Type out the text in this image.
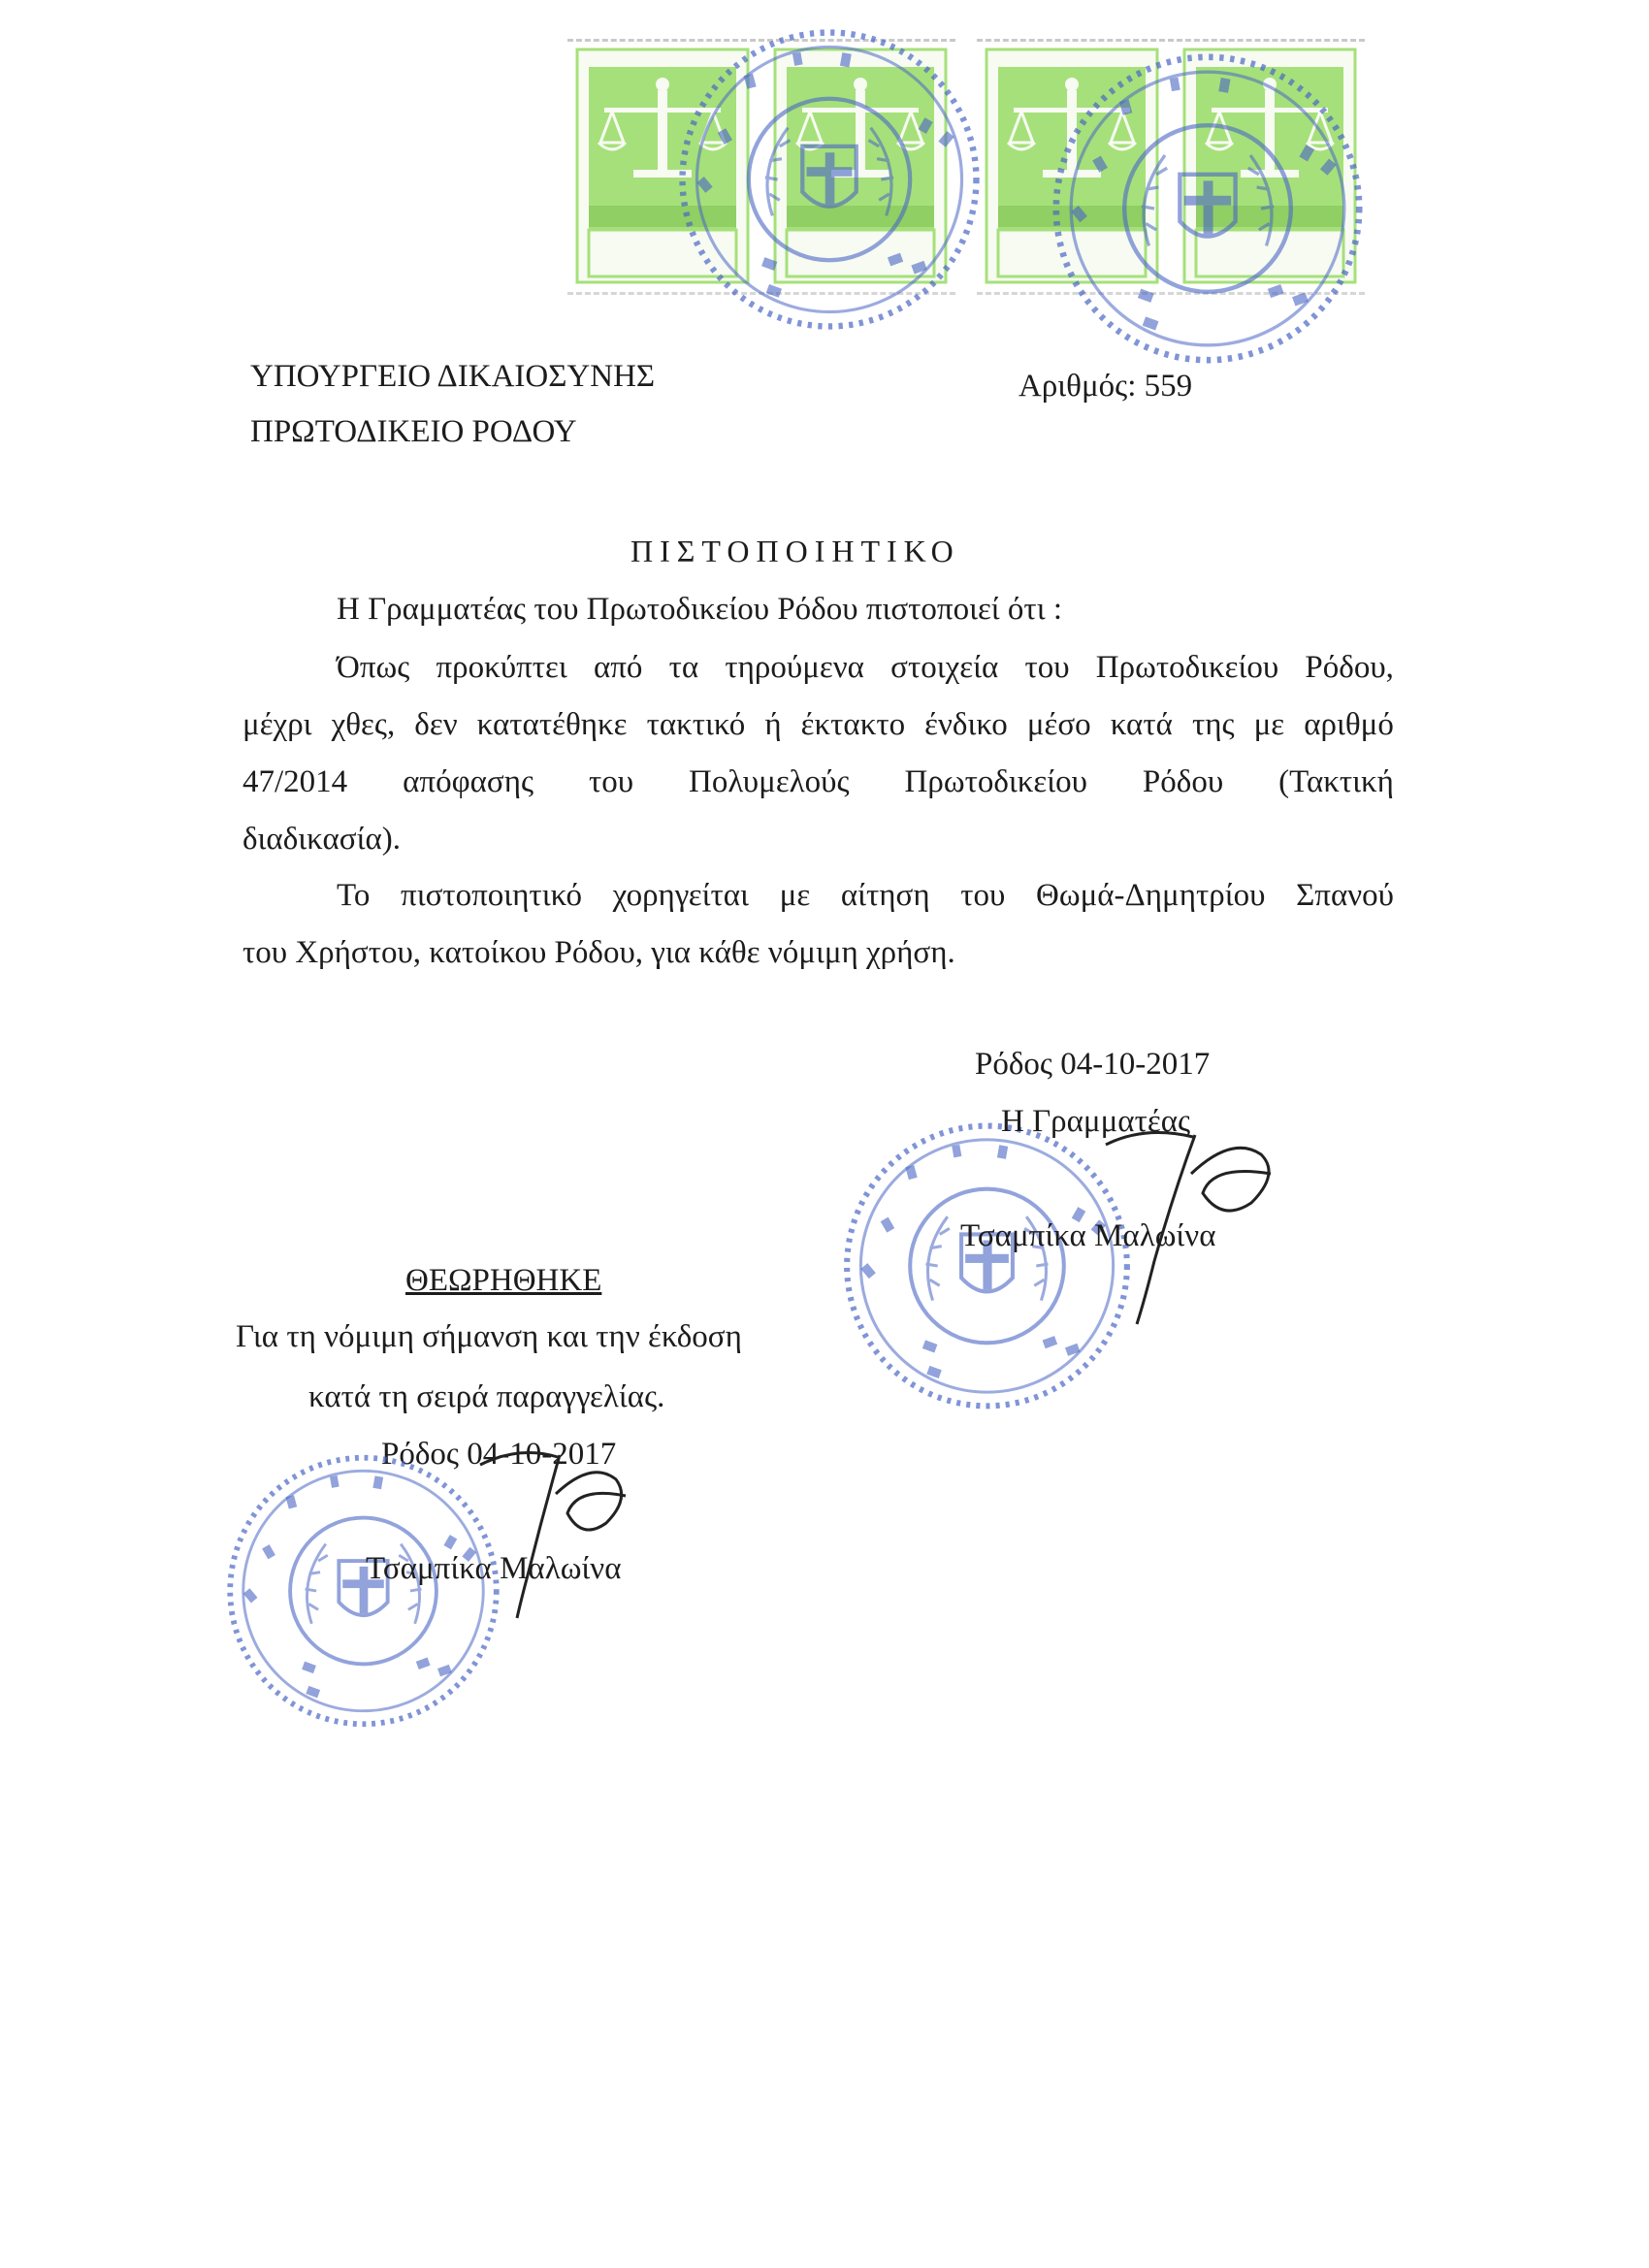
ΥΠΟΥΡΓΕΙΟ ΔΙΚΑΙΟΣΥΝΗΣ
ΠΡΩΤΟΔΙΚΕΙΟ ΡΟΔΟΥ
Αριθμός: 559
ΠΙΣΤΟΠΟΙΗΤΙΚΟ
Η Γραμματέας του Πρωτοδικείου Ρόδου πιστοποιεί ότι :
Όπως προκύπτει από τα τηρούμενα στοιχεία του Πρωτοδικείου Ρόδου,
μέχρι χθες, δεν κατατέθηκε τακτικό ή έκτακτο ένδικο μέσο κατά της με αριθμό
47/2014 απόφασης του Πολυμελούς Πρωτοδικείου Ρόδου (Τακτική
διαδικασία).
Το πιστοποιητικό χορηγείται με αίτηση του Θωμά-Δημητρίου Σπανού
του Χρήστου, κατοίκου Ρόδου, για κάθε νόμιμη χρήση.
Ρόδος 04-10-2017
Η Γραμματέας
Τσαμπίκα Μαλωίνα
ΘΕΩΡΗΘΗΚΕ
Για τη νόμιμη σήμανση και την έκδοση
κατά τη σειρά παραγγελίας.
Ρόδος 04-10-2017
Τσαμπίκα Μαλωίνα
